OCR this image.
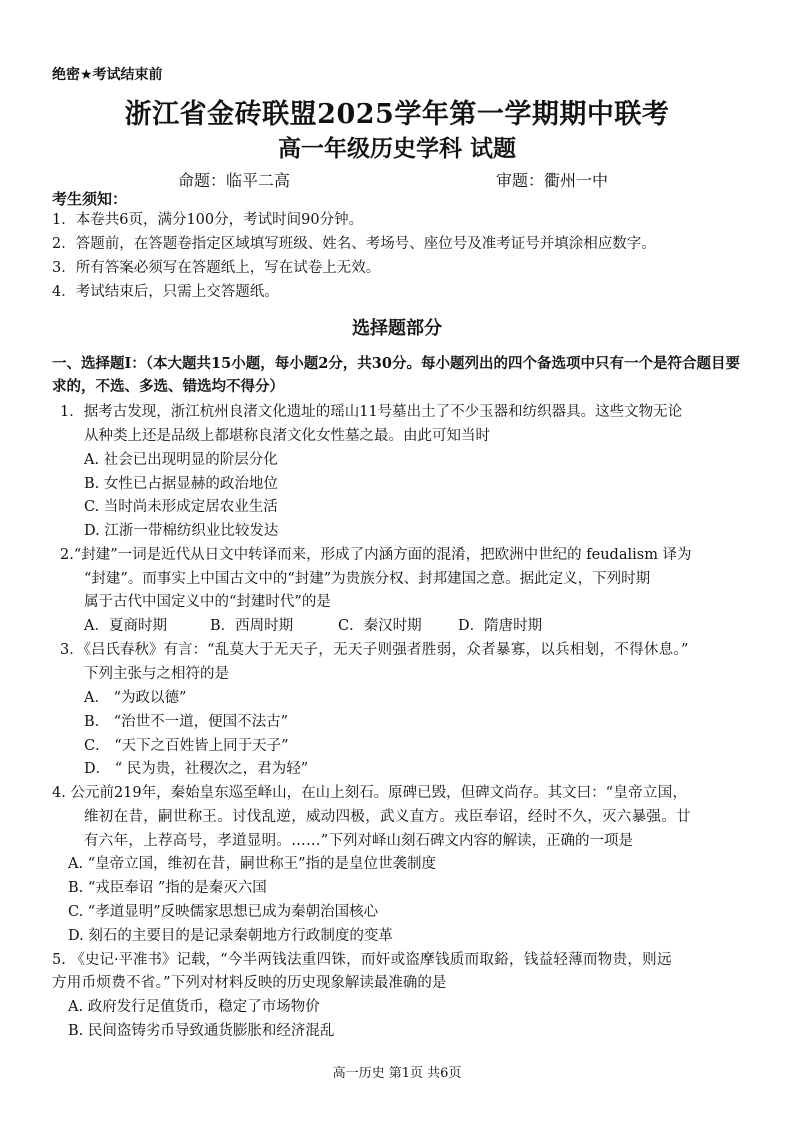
绝密★考试结束前
浙江省金砖联盟2025学年第一学期期中联考
高一年级历史学科 试题
命题：临平二高	审题：衢州一中
考生须知：
1．本卷共6页，满分100分，考试时间90分钟。
2．答题前，在答题卷指定区域填写班级、姓名、考场号、座位号及准考证号并填涂相应数字。
3．所有答案必须写在答题纸上，写在试卷上无效。
4．考试结束后，只需上交答题纸。
选择题部分
一、选择题Ⅰ：（本大题共15小题，每小题2分，共30分。每小题列出的四个备选项中只有一个是符合题目要求的，不选、多选、错选均不得分）
1．据考古发现，浙江杭州良渚文化遗址的瑶山11号墓出土了不少玉器和纺织器具。这些文物无论
从种类上还是品级上都堪称良渚文化女性墓之最。由此可知当时
A. 社会已出现明显的阶层分化
B. 女性已占据显赫的政治地位
C. 当时尚未形成定居农业生活
D. 江浙一带棉纺织业比较发达
2.“封建”一词是近代从日文中转译而来，形成了内涵方面的混淆，把欧洲中世纪的 feudalism 译为
“封建”。而事实上中国古文中的“封建”为贵族分权、封邦建国之意。据此定义，下列时期
属于古代中国定义中的“封建时代”的是
A．夏商时期	B．西周时期	C．秦汉时期	D．隋唐时期
3．《吕氏春秋》有言：“乱莫大于无天子，无天子则强者胜弱，众者暴寡，以兵相刬，不得休息。”
下列主张与之相符的是
A． “为政以德”
B． “治世不一道，便国不法古”
C． “天下之百姓皆上同于天子”
D． “ 民为贵，社稷次之，君为轻”
4. 公元前219年，秦始皇东巡至峄山，在山上刻石。原碑已毁，但碑文尚存。其文曰：“皇帝立国，
维初在昔，嗣世称王。讨伐乱逆，威动四极，武义直方。戎臣奉诏，经时不久，灭六暴强。廿
有六年，上荐高号，孝道显明。……”下列对峄山刻石碑文内容的解读，正确的一项是
A. “皇帝立国，维初在昔，嗣世称王”指的是皇位世袭制度
B. “戎臣奉诏 ”指的是秦灭六国
C. “孝道显明”反映儒家思想已成为秦朝治国核心
D. 刻石的主要目的是记录秦朝地方行政制度的变革
5. 《史记·平准书》记载，“今半两钱法重四铢，而奸或盗摩钱质而取鋊，钱益轻薄而物贵，则远
方用币烦费不省。”下列对材料反映的历史现象解读最准确的是
A. 政府发行足值货币，稳定了市场物价
B. 民间盗铸劣币导致通货膨胀和经济混乱
高一历史 第1页 共6页
